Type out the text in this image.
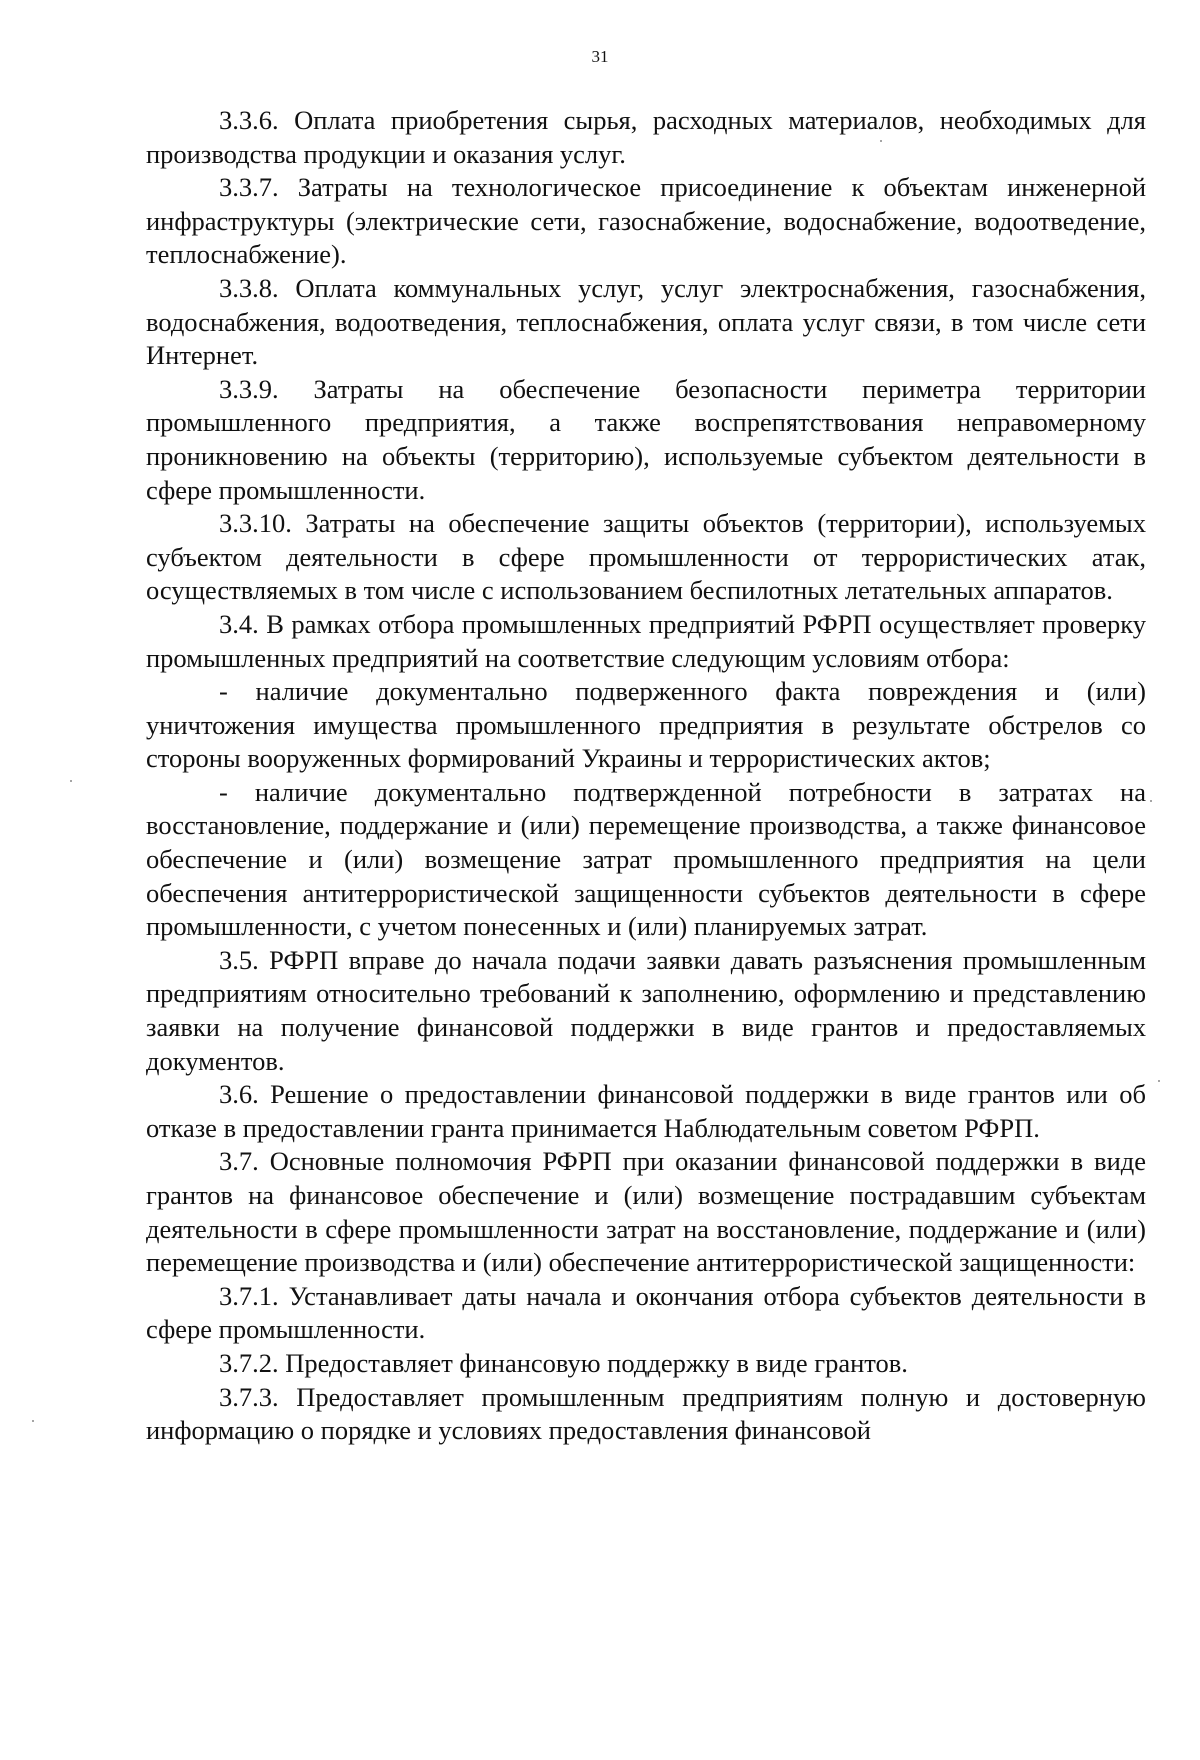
31

3.3.6. Оплата приобретения сырья, расходных материалов, необходимых для производства продукции и оказания услуг.

3.3.7. Затраты на технологическое присоединение к объектам инженерной инфраструктуры (электрические сети, газоснабжение, водоснабжение, водоотведение, теплоснабжение).

3.3.8. Оплата коммунальных услуг, услуг электроснабжения, газоснабжения, водоснабжения, водоотведения, теплоснабжения, оплата услуг связи, в том числе сети Интернет.

3.3.9. Затраты на обеспечение безопасности периметра территории промышленного предприятия, а также воспрепятствования неправомерному проникновению на объекты (территорию), используемые субъектом деятельности в сфере промышленности.

3.3.10. Затраты на обеспечение защиты объектов (территории), используемых субъектом деятельности в сфере промышленности от террористических атак, осуществляемых в том числе с использованием беспилотных летательных аппаратов.

3.4. В рамках отбора промышленных предприятий РФРП осуществляет проверку промышленных предприятий на соответствие следующим условиям отбора:

- наличие документально подверженного факта повреждения и (или) уничтожения имущества промышленного предприятия в результате обстрелов со стороны вооруженных формирований Украины и террористических актов;

- наличие документально подтвержденной потребности в затратах на восстановление, поддержание и (или) перемещение производства, а также финансовое обеспечение и (или) возмещение затрат промышленного предприятия на цели обеспечения антитеррористической защищенности субъектов деятельности в сфере промышленности, с учетом понесенных и (или) планируемых затрат.

3.5. РФРП вправе до начала подачи заявки давать разъяснения промышленным предприятиям относительно требований к заполнению, оформлению и представлению заявки на получение финансовой поддержки в виде грантов и предоставляемых документов.

3.6. Решение о предоставлении финансовой поддержки в виде грантов или об отказе в предоставлении гранта принимается Наблюдательным советом РФРП.

3.7. Основные полномочия РФРП при оказании финансовой поддержки в виде грантов на финансовое обеспечение и (или) возмещение пострадавшим субъектам деятельности в сфере промышленности затрат на восстановление, поддержание и (или) перемещение производства и (или) обеспечение антитеррористической защищенности:

3.7.1. Устанавливает даты начала и окончания отбора субъектов деятельности в сфере промышленности.

3.7.2. Предоставляет финансовую поддержку в виде грантов.

3.7.3. Предоставляет промышленным предприятиям полную и достоверную информацию о порядке и условиях предоставления финансовой
